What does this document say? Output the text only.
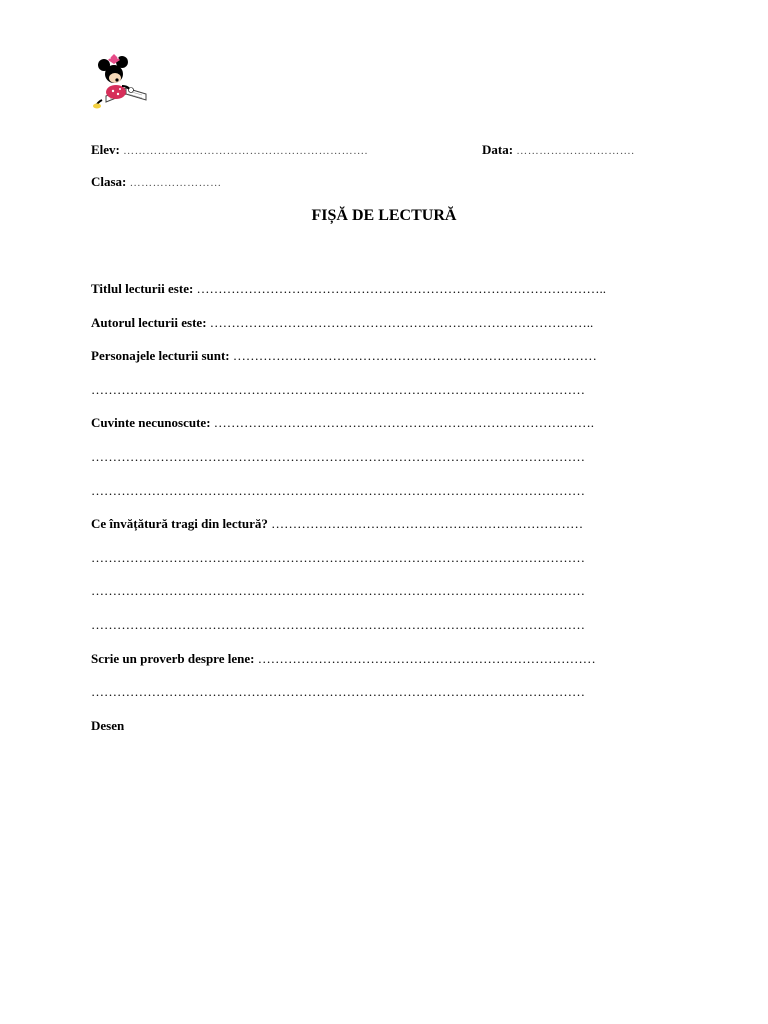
Elev: ……………………………………………………….	Data: ………………………….
Clasa: ……………………
FIȘĂ DE LECTURĂ
Titlul lecturii este: …………………………………………………………………………………..
Autorul lecturii este: ……………………………………………………………………………..
Personajele lecturii sunt: …………………………………………………………………………
……………………………………………………………………………………………………
Cuvinte necunoscute: …………………………………………………………………………….
……………………………………………………………………………………………………
……………………………………………………………………………………………………
Ce învățătură tragi din lectură? ………………………………………………………………
……………………………………………………………………………………………………
……………………………………………………………………………………………………
……………………………………………………………………………………………………
Scrie un proverb despre lene: ……………………………………………………………………
……………………………………………………………………………………………………
Desen
